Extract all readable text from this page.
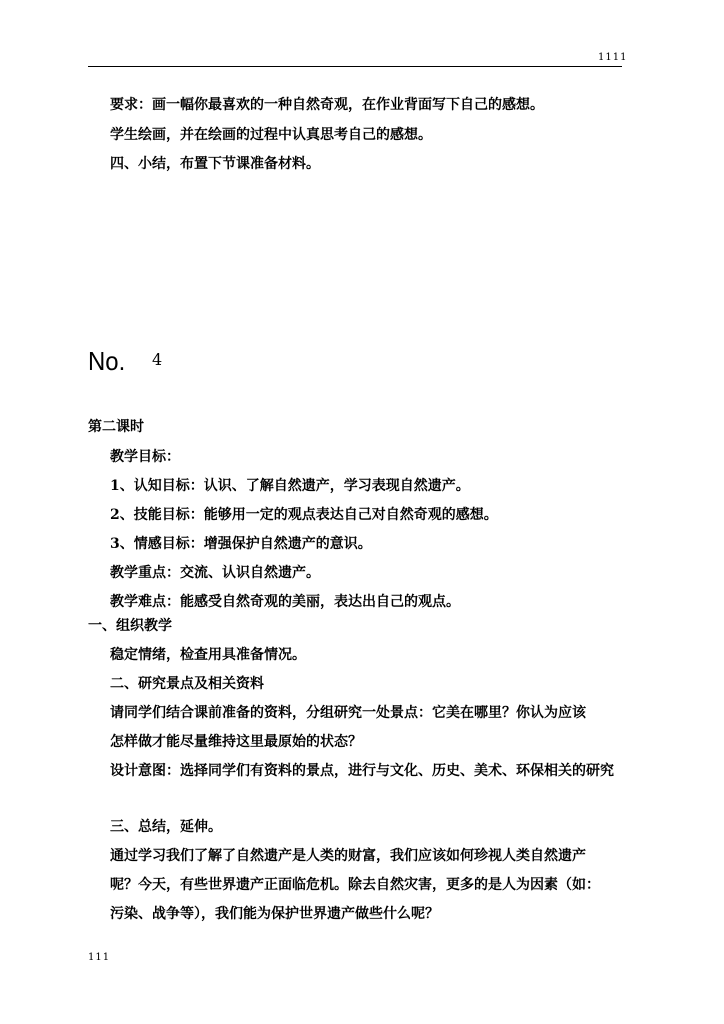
1111
要求：画一幅你最喜欢的一种自然奇观，在作业背面写下自己的感想。
学生绘画，并在绘画的过程中认真思考自己的感想。
四、小结，布置下节课准备材料。
No. 4
第二课时
教学目标：
1、认知目标：认识、了解自然遗产，学习表现自然遗产。
2、技能目标：能够用一定的观点表达自己对自然奇观的感想。
3、情感目标：增强保护自然遗产的意识。
教学重点：交流、认识自然遗产。
教学难点：能感受自然奇观的美丽，表达出自己的观点。
一、组织教学
稳定情绪，检查用具准备情况。
二、研究景点及相关资料
请同学们结合课前准备的资料，分组研究一处景点：它美在哪里？你认为应该
怎样做才能尽量维持这里最原始的状态？
设计意图：选择同学们有资料的景点，进行与文化、历史、美术、环保相关的研究
三、总结，延伸。
通过学习我们了解了自然遗产是人类的财富，我们应该如何珍视人类自然遗产
呢？今天，有些世界遗产正面临危机。除去自然灾害，更多的是人为因素（如：
污染、战争等），我们能为保护世界遗产做些什么呢？
111
